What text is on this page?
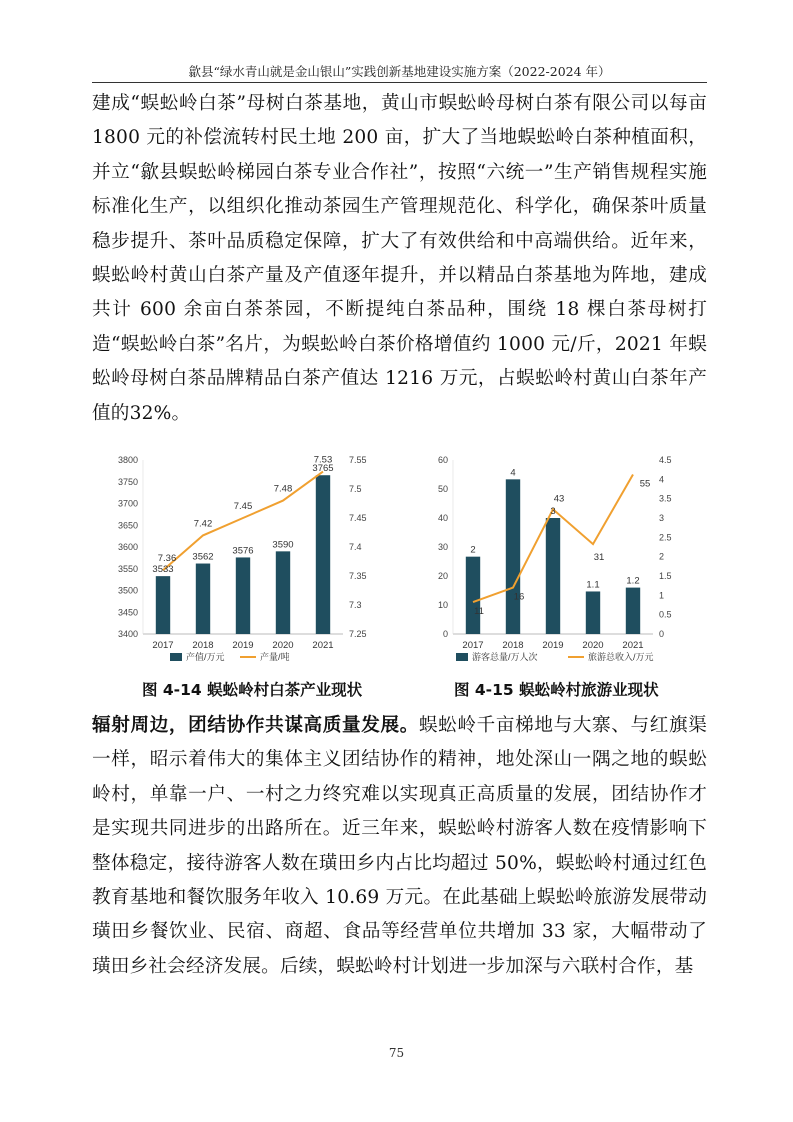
歙县“绿水青山就是金山银山”实践创新基地建设实施方案（2022-2024 年）
建成“蜈蚣岭白茶”母树白茶基地，黄山市蜈蚣岭母树白茶有限公司以每亩 1800 元的补偿流转村民土地 200 亩，扩大了当地蜈蚣岭白茶种植面积，并立“歙县蜈蚣岭梯园白茶专业合作社”，按照“六统一”生产销售规程实施标准化生产，以组织化推动茶园生产管理规范化、科学化，确保茶叶质量稳步提升、茶叶品质稳定保障，扩大了有效供给和中高端供给。近年来，蜈蚣岭村黄山白茶产量及产值逐年提升，并以精品白茶基地为阵地，建成共计 600 余亩白茶茶园，不断提纯白茶品种，围绕 18 棵白茶母树打造“蜈蚣岭白茶”名片，为蜈蚣岭白茶价格增值约 1000 元/斤，2021 年蜈蚣岭母树白茶品牌精品白茶产值达 1216 万元，占蜈蚣岭村黄山白茶年产值的32%。
3400
3450
3500
3550
3600
3650
3700
3750
3800
7.25
7.3
7.35
7.4
7.45
7.5
7.55
3533
3562
3576
3590
3765
7.36
7.42
7.45
7.48
7.53
2017 2018 2019 2020 2021
产值/万元	产量/吨
0
10
20
30
40
50
60
0
0.5
1
1.5
2
2.5
3
3.5
4
4.5
2
4
3
1.1	1.2
11
16
43
31
55
2017 2018 2019 2020 2021
游客总量/万人次	旅游总收入/万元
图 4-14 蜈蚣岭村白茶产业现状	图 4-15 蜈蚣岭村旅游业现状
辐射周边，团结协作共谋高质量发展。蜈蚣岭千亩梯地与大寨、与红旗渠一样，昭示着伟大的集体主义团结协作的精神，地处深山一隅之地的蜈蚣岭村，单靠一户、一村之力终究难以实现真正高质量的发展，团结协作才是实现共同进步的出路所在。近三年来，蜈蚣岭村游客人数在疫情影响下整体稳定，接待游客人数在璜田乡内占比均超过 50%，蜈蚣岭村通过红色教育基地和餐饮服务年收入 10.69 万元。在此基础上蜈蚣岭旅游发展带动璜田乡餐饮业、民宿、商超、食品等经营单位共增加 33 家，大幅带动了璜田乡社会经济发展。后续，蜈蚣岭村计划进一步加深与六联村合作，基
75
